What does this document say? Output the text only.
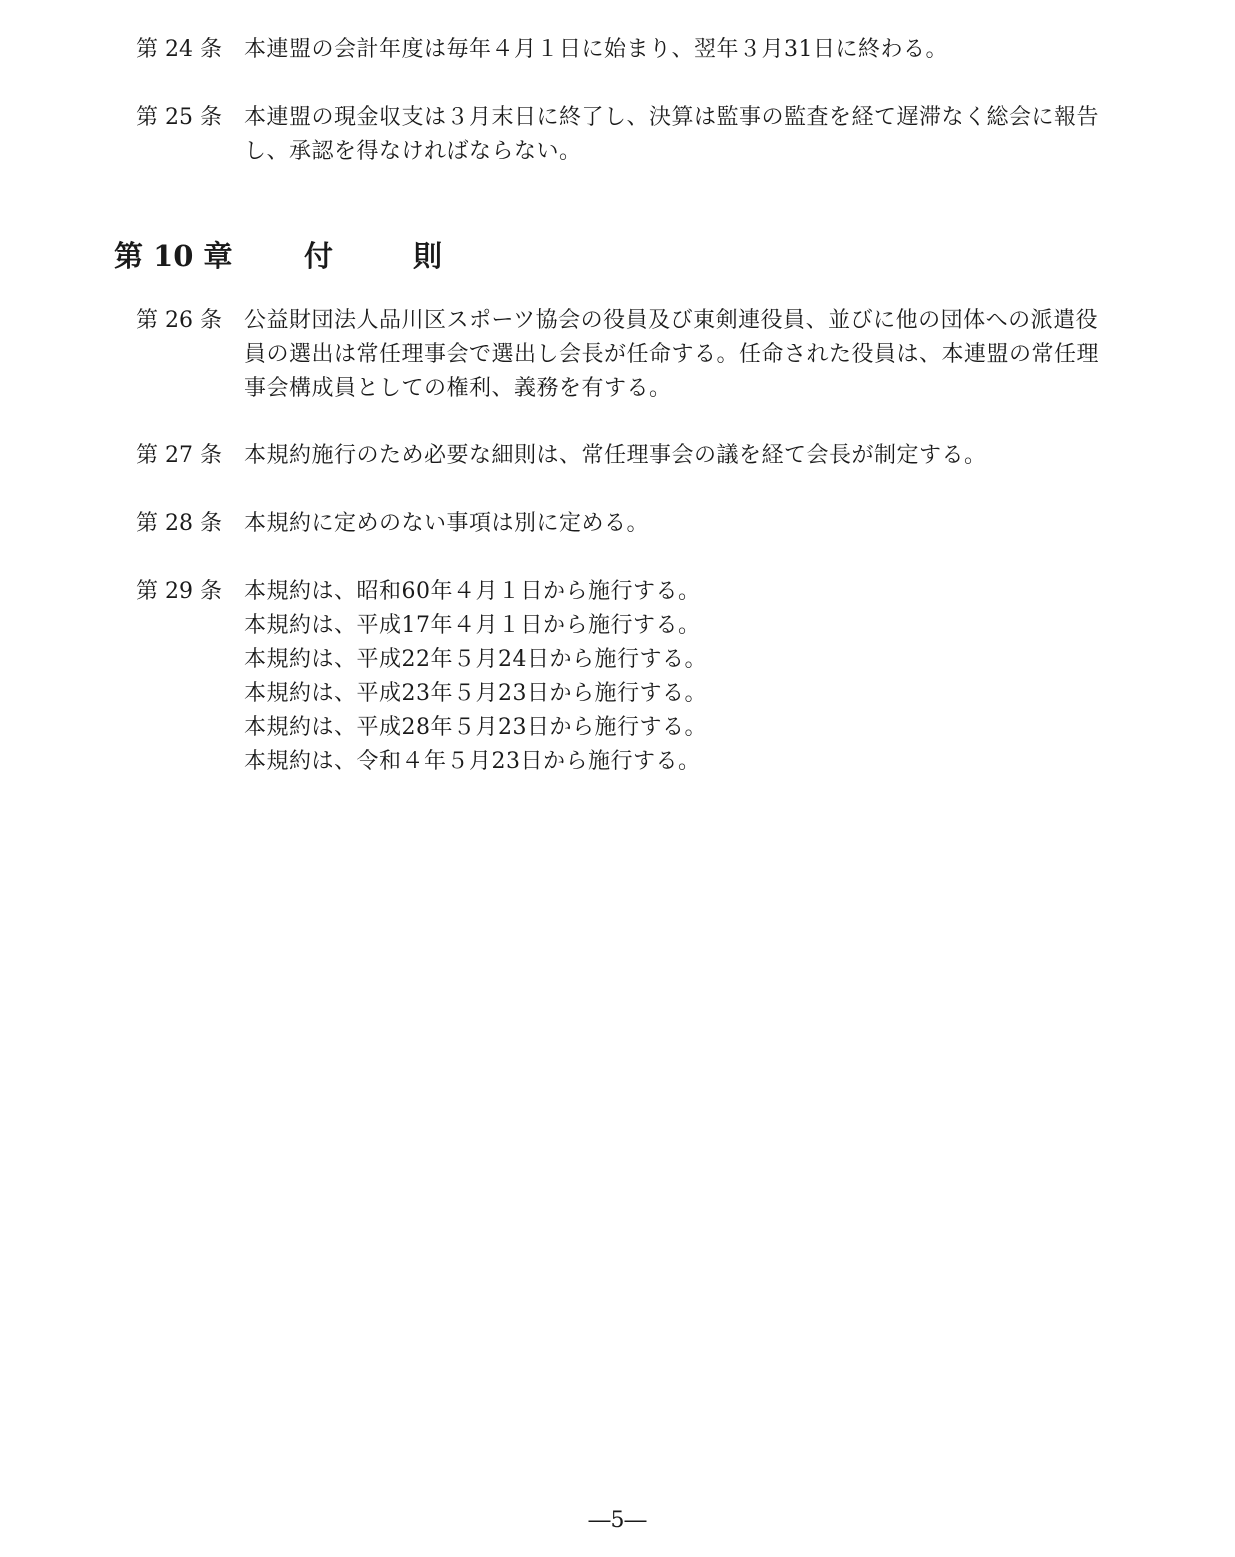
第 24 条	本連盟の会計年度は毎年４月１日に始まり、翌年３月31日に終わる。
第 25 条	本連盟の現金収支は３月末日に終了し、決算は監事の監査を経て遅滞なく総会に報告
し、承認を得なければならない。
第 10 章 付則
第 26 条	公益財団法人品川区スポーツ協会の役員及び東剣連役員、並びに他の団体への派遣役
員の選出は常任理事会で選出し会長が任命する。任命された役員は、本連盟の常任理
事会構成員としての権利、義務を有する。
第 27 条	本規約施行のため必要な細則は、常任理事会の議を経て会長が制定する。
第 28 条	本規約に定めのない事項は別に定める。
第 29 条	本規約は、昭和60年４月１日から施行する。
本規約は、平成17年４月１日から施行する。
本規約は、平成22年５月24日から施行する。
本規約は、平成23年５月23日から施行する。
本規約は、平成28年５月23日から施行する。
本規約は、令和４年５月23日から施行する。
―5―
